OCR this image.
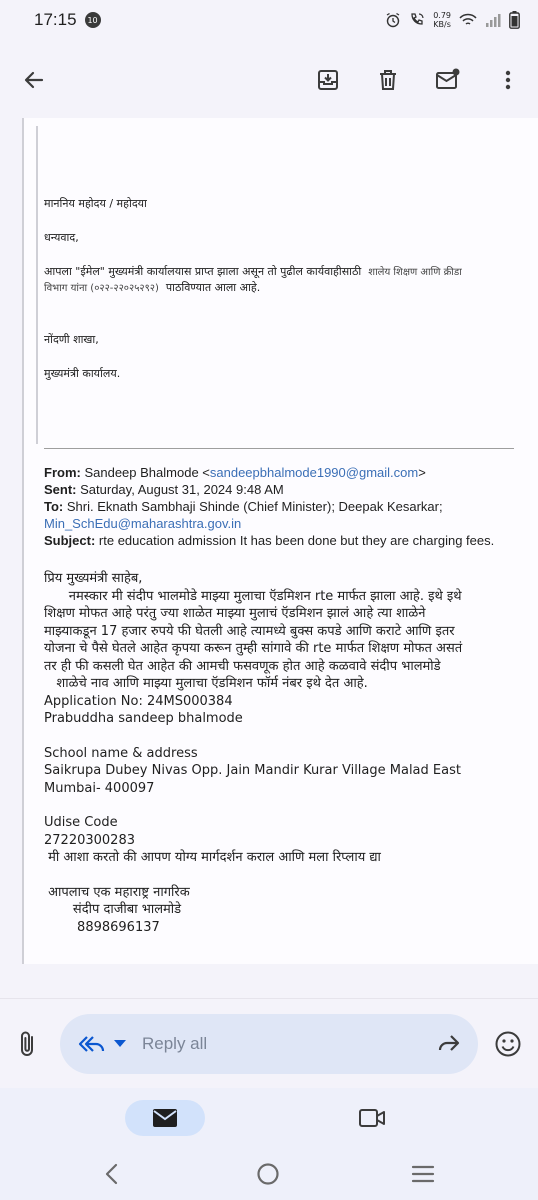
17:15	10	0.79
KB/s

माननिय महोदय / महोदया

धन्यवाद,

आपला "ईमेल" मुख्यमंत्री कार्यालयास प्राप्त झाला असून तो पुढील कार्यवाहीसाठी शालेय शिक्षण आणि क्रीडा
विभाग यांना (०२२-२२०२५२९२) पाठविण्यात आला आहे.

नोंदणी शाखा,

मुख्यमंत्री कार्यालय.

From: Sandeep Bhalmode <sandeepbhalmode1990@gmail.com>
Sent: Saturday, August 31, 2024 9:48 AM
To: Shri. Eknath Sambhaji Shinde (Chief Minister); Deepak Kesarkar;
Min_SchEdu@maharashtra.gov.in
Subject: rte education admission It has been done but they are charging fees.
प्रिय मुख्यमंत्री साहेब,
नमस्कार मी संदीप भालमोडे माझ्या मुलाचा ऍडमिशन rte मार्फत झाला आहे. इथे इथे
शिक्षण मोफत आहे परंतु ज्या शाळेत माझ्या मुलाचं ऍडमिशन झालं आहे त्या शाळेने
माझ्याकडून 17 हजार रुपये फी घेतली आहे त्यामध्ये बुक्स कपडे आणि कराटे आणि इतर
योजना चे पैसे घेतले आहेत कृपया करून तुम्ही सांगावे की rte मार्फत शिक्षण मोफत असतं
तर ही फी कसली घेत आहेत की आमची फसवणूक होत आहे कळवावे संदीप भालमोडे
शाळेचे नाव आणि माझ्या मुलाचा ऍडमिशन फॉर्म नंबर इथे देत आहे.
Application No: 24MS000384
Prabuddha sandeep bhalmode
School name & address
Saikrupa Dubey Nivas Opp. Jain Mandir Kurar Village Malad East
Mumbai- 400097
Udise Code
27220300283
मी आशा करतो की आपण योग्य मार्गदर्शन कराल आणि मला रिप्लाय द्या
आपलाच एक महाराष्ट्र नागरिक
संदीप दाजीबा भालमोडे
8898696137
Reply all
